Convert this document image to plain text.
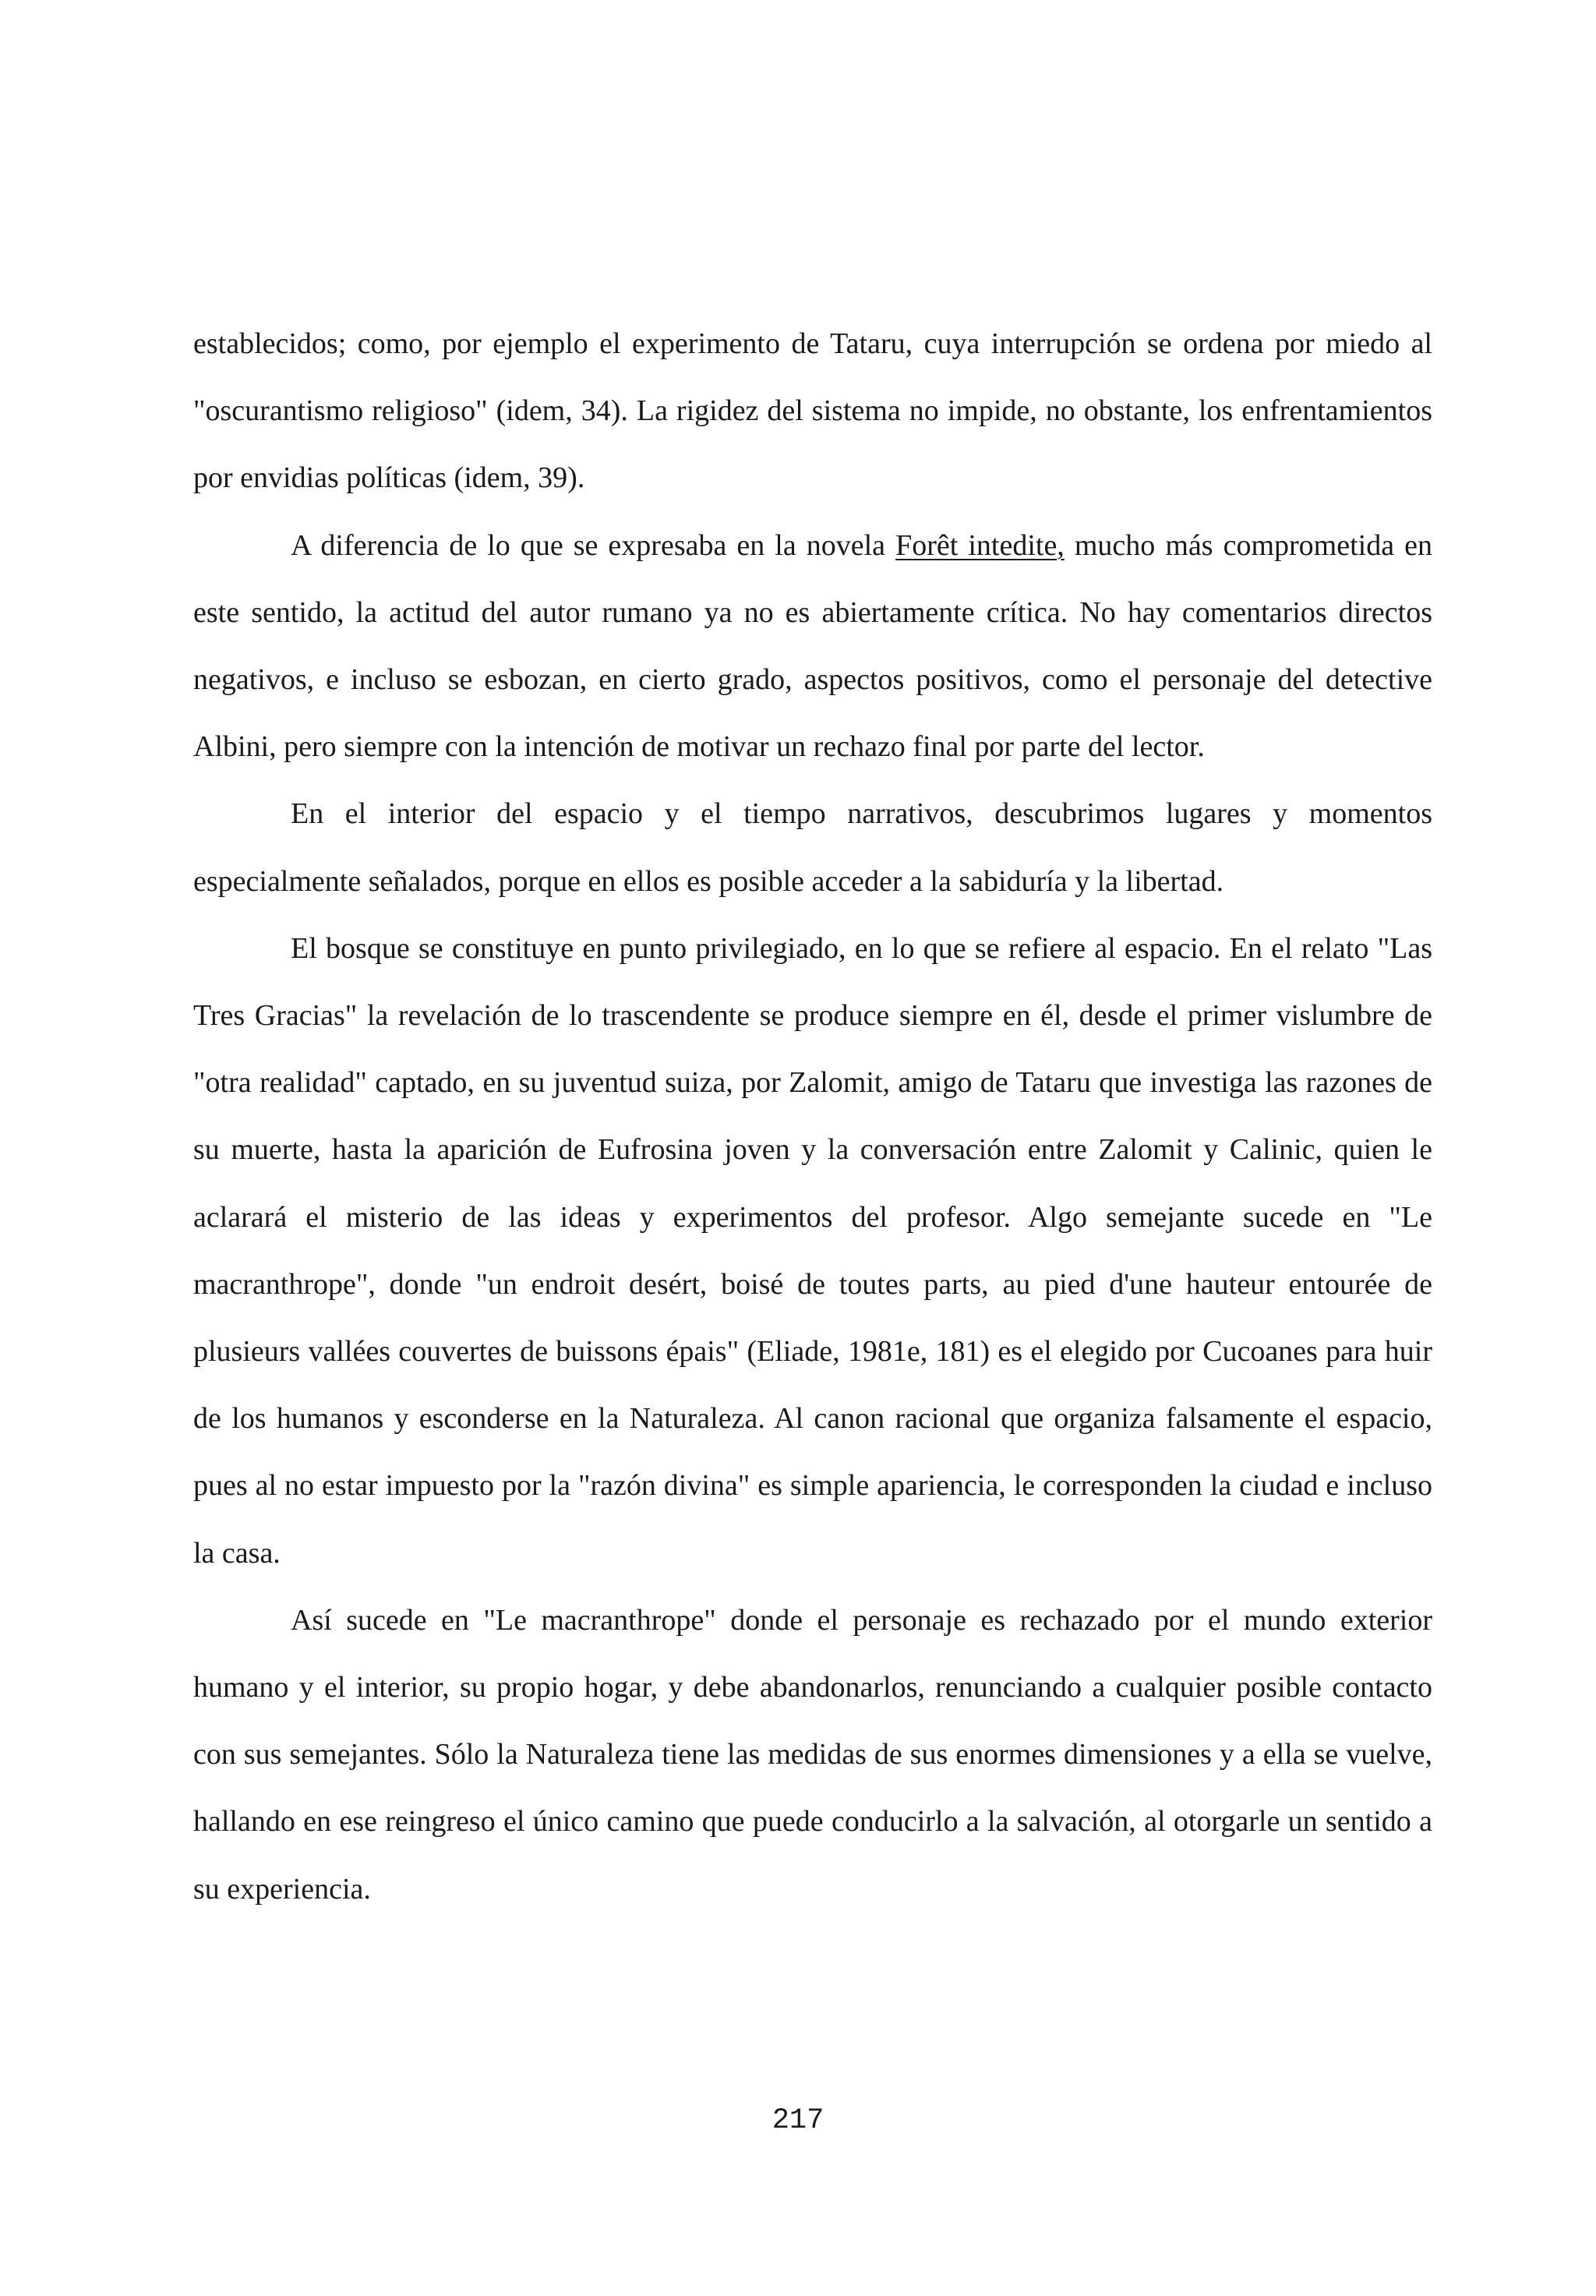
establecidos; como, por ejemplo el experimento de Tataru, cuya interrupción se ordena por miedo al "oscurantismo religioso" (idem, 34). La rigidez del sistema no impide, no obstante, los enfrentamientos por envidias políticas (idem, 39).

A diferencia de lo que se expresaba en la novela Forêt intedite, mucho más comprometida en este sentido, la actitud del autor rumano ya no es abiertamente crítica. No hay comentarios directos negativos, e incluso se esbozan, en cierto grado, aspectos positivos, como el personaje del detective Albini, pero siempre con la intención de motivar un rechazo final por parte del lector.

En el interior del espacio y el tiempo narrativos, descubrimos lugares y momentos especialmente señalados, porque en ellos es posible acceder a la sabiduría y la libertad.

El bosque se constituye en punto privilegiado, en lo que se refiere al espacio. En el relato "Las Tres Gracias" la revelación de lo trascendente se produce siempre en él, desde el primer vislumbre de "otra realidad" captado, en su juventud suiza, por Zalomit, amigo de Tataru que investiga las razones de su muerte, hasta la aparición de Eufrosina joven y la conversación entre Zalomit y Calinic, quien le aclarará el misterio de las ideas y experimentos del profesor. Algo semejante sucede en "Le macranthrope", donde "un endroit desért, boisé de toutes parts, au pied d'une hauteur entourée de plusieurs vallées couvertes de buissons épais" (Eliade, 1981e, 181) es el elegido por Cucoanes para huir de los humanos y esconderse en la Naturaleza. Al canon racional que organiza falsamente el espacio, pues al no estar impuesto por la "razón divina" es simple apariencia, le corresponden la ciudad e incluso la casa.

Así sucede en "Le macranthrope" donde el personaje es rechazado por el mundo exterior humano y el interior, su propio hogar, y debe abandonarlos, renunciando a cualquier posible contacto con sus semejantes. Sólo la Naturaleza tiene las medidas de sus enormes dimensiones y a ella se vuelve, hallando en ese reingreso el único camino que puede conducirlo a la salvación, al otorgarle un sentido a su experiencia.

217
